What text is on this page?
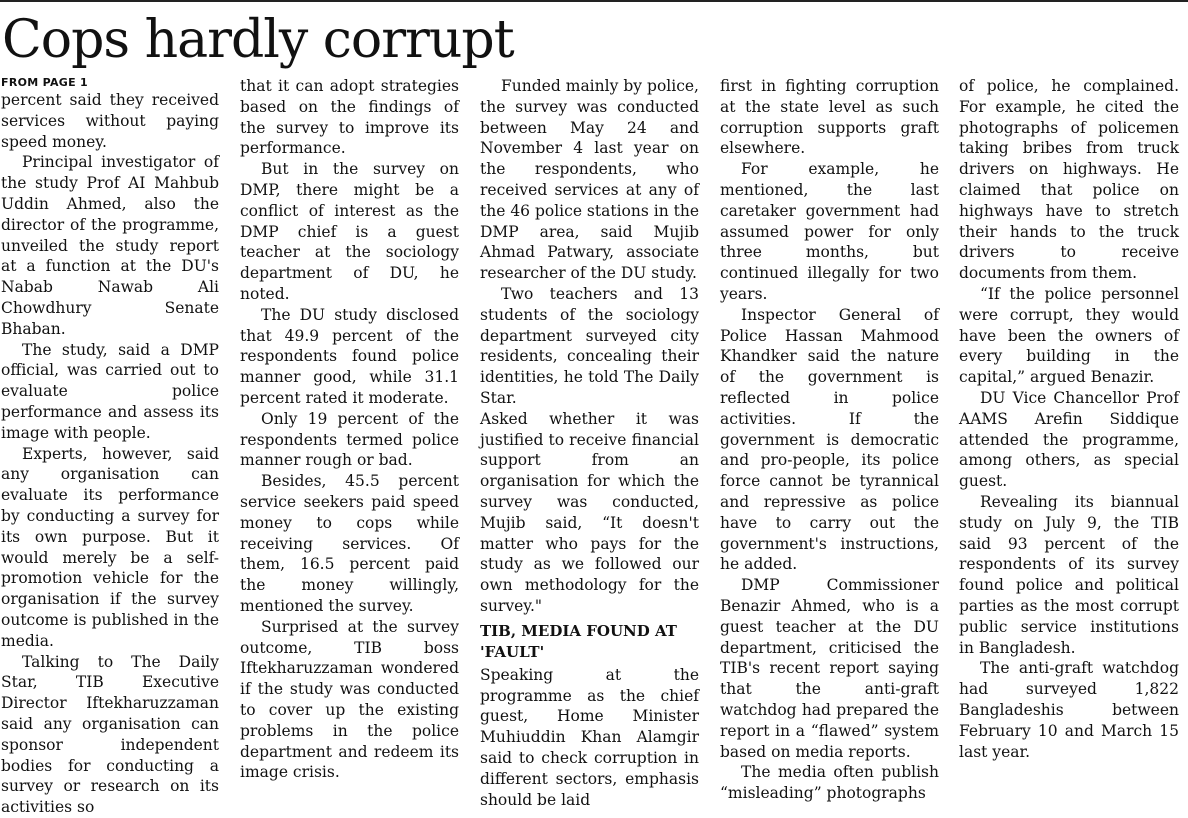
Cops hardly corrupt
FROM PAGE 1

percent said they received services without paying speed money.

Principal investigator of the study Prof AI Mahbub Uddin Ahmed, also the director of the programme, unveiled the study report at a function at the DU's Nabab Nawab Ali Chowdhury Senate Bhaban.

The study, said a DMP official, was carried out to evaluate police performance and assess its image with people.

Experts, however, said any organisation can evaluate its performance by conducting a survey for its own purpose. But it would merely be a self-promotion vehicle for the organisation if the survey outcome is published in the media.

Talking to The Daily Star, TIB Executive Director Iftekharuzzaman said any organisation can sponsor independent bodies for conducting a survey or research on its activities so

that it can adopt strategies based on the findings of the survey to improve its performance.

But in the survey on DMP, there might be a conflict of interest as the DMP chief is a guest teacher at the sociology department of DU, he noted.

The DU study disclosed that 49.9 percent of the respondents found police manner good, while 31.1 percent rated it moderate.

Only 19 percent of the respondents termed police manner rough or bad.

Besides, 45.5 percent service seekers paid speed money to cops while receiving services. Of them, 16.5 percent paid the money willingly, mentioned the survey.

Surprised at the survey outcome, TIB boss Iftekharuzzaman wondered if the study was conducted to cover up the existing problems in the police department and redeem its image crisis.

Funded mainly by police, the survey was conducted between May 24 and November 4 last year on the respondents, who received services at any of the 46 police stations in the DMP area, said Mujib Ahmad Patwary, associate researcher of the DU study.

Two teachers and 13 students of the sociology department surveyed city residents, concealing their identities, he told The Daily Star.

Asked whether it was justified to receive financial support from an organisation for which the survey was conducted, Mujib said, “It doesn't matter who pays for the study as we followed our own methodology for the survey."

TIB, MEDIA FOUND AT 'FAULT'

Speaking at the programme as the chief guest, Home Minister Muhiuddin Khan Alamgir said to check corruption in different sectors, emphasis should be laid

first in fighting corruption at the state level as such corruption supports graft elsewhere.

For example, he mentioned, the last caretaker government had assumed power for only three months, but continued illegally for two years.

Inspector General of Police Hassan Mahmood Khandker said the nature of the government is reflected in police activities. If the government is democratic and pro-people, its police force cannot be tyrannical and repressive as police have to carry out the government's instructions, he added.

DMP Commissioner Benazir Ahmed, who is a guest teacher at the DU department, criticised the TIB's recent report saying that the anti-graft watchdog had prepared the report in a “flawed” system based on media reports.

The media often publish “misleading” photographs

of police, he complained. For example, he cited the photographs of policemen taking bribes from truck drivers on highways. He claimed that police on highways have to stretch their hands to the truck drivers to receive documents from them.

“If the police personnel were corrupt, they would have been the owners of every building in the capital,” argued Benazir.

DU Vice Chancellor Prof AAMS Arefin Siddique attended the programme, among others, as special guest.

Revealing its biannual study on July 9, the TIB said 93 percent of the respondents of its survey found police and political parties as the most corrupt public service institutions in Bangladesh.

The anti-graft watchdog had surveyed 1,822 Bangladeshis between February 10 and March 15 last year.
